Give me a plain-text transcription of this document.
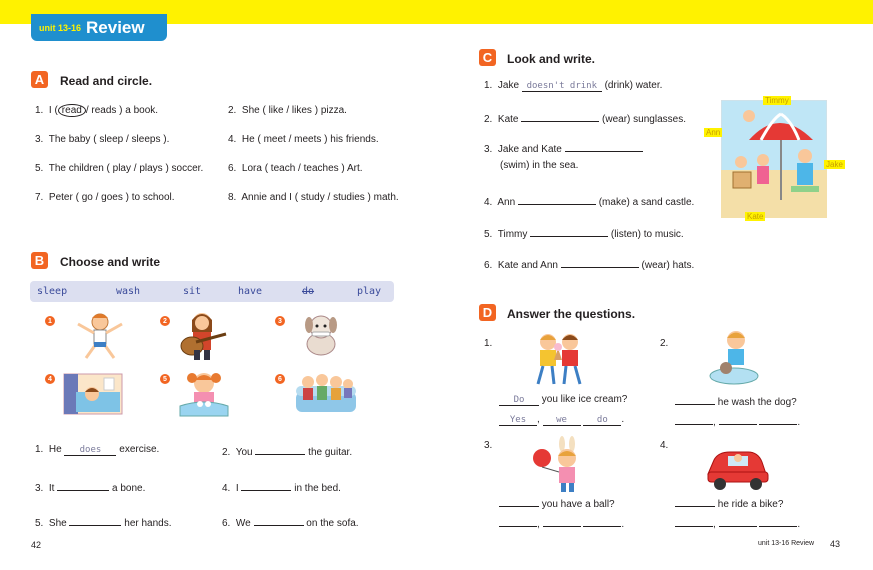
unit 13-16 Review
A	Read and circle.
1. I ( read / reads ) a book.	2. She ( like / likes ) pizza.
3. The baby ( sleep / sleeps ).	4. He ( meet / meets ) his friends.
5. The children ( play / plays ) soccer. 6. Lora ( teach / teaches ) Art.
7. Peter ( go / goes ) to school.	8. Annie and I ( study / studies ) math.
B	Choose and write
sleep	wash	sit	have	do	play
1	2	3
4	5	6
1. He does exercise.	2. You	the guitar.
3. It	a bone.	4. I	in the bed.
5. She	her hands.	6. We	on the sofa.
42
C	Look and write.
1. Jake doesn't drink (drink) water.
2. Kate	(wear) sunglasses.
3. Jake and Kate
(swim) in the sea.
4. Ann	(make) a sand castle.
5. Timmy	(listen) to music.
6. Kate and Ann	(wear) hats.
Timmy
Ann
Jake
Kate
D	Answer the questions.
1.
Do you like ice cream?
Yes , we	do .
2.
he wash the dog?
,	.
3.
you have a ball?
,	.
4.
he ride a bike?
,	.
unit 13-16 Review 43
